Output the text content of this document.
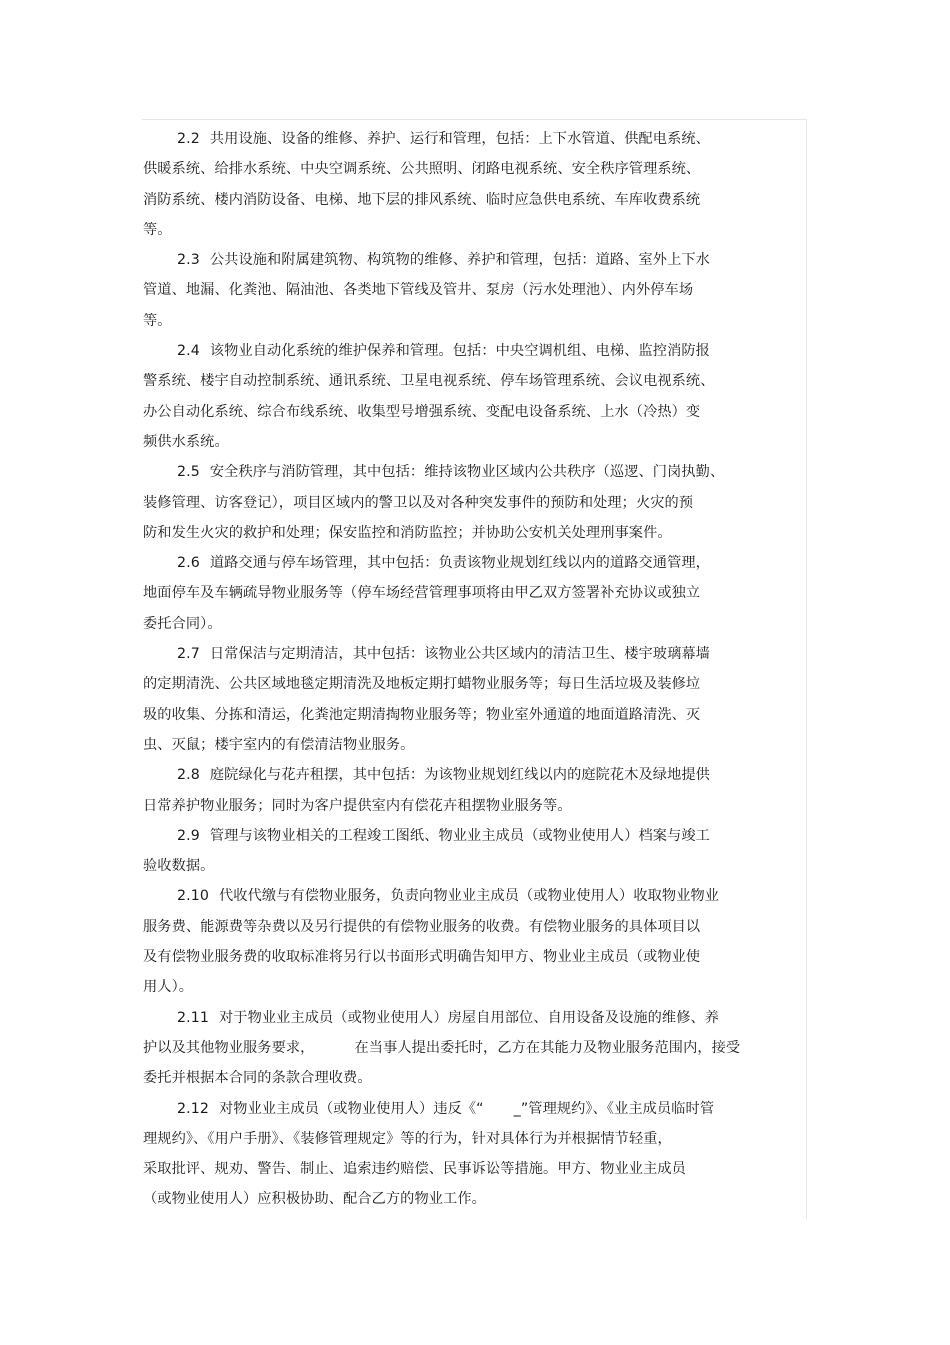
2.2 共用设施、设备的维修、养护、运行和管理，包括：上下水管道、供配电系统、
供暖系统、给排水系统、中央空调系统、公共照明、闭路电视系统、安全秩序管理系统、
消防系统、楼内消防设备、电梯、地下层的排风系统、临时应急供电系统、车库收费系统
等。
2.3 公共设施和附属建筑物、构筑物的维修、养护和管理，包括：道路、室外上下水
管道、地漏、化粪池、隔油池、各类地下管线及管井、泵房（污水处理池）、内外停车场
等。
2.4 该物业自动化系统的维护保养和管理。包括：中央空调机组、电梯、监控消防报
警系统、楼宇自动控制系统、通讯系统、卫星电视系统、停车场管理系统、会议电视系统、
办公自动化系统、综合布线系统、收集型号增强系统、变配电设备系统、上水（冷热）变
频供水系统。
2.5 安全秩序与消防管理，其中包括：维持该物业区域内公共秩序（巡逻、门岗执勤、
装修管理、访客登记），项目区域内的警卫以及对各种突发事件的预防和处理；火灾的预
防和发生火灾的救护和处理；保安监控和消防监控；并协助公安机关处理刑事案件。
2.6 道路交通与停车场管理，其中包括：负责该物业规划红线以内的道路交通管理，
地面停车及车辆疏导物业服务等（停车场经营管理事项将由甲乙双方签署补充协议或独立
委托合同）。
2.7 日常保洁与定期清洁，其中包括：该物业公共区域内的清洁卫生、楼宇玻璃幕墙
的定期清洗、公共区域地毯定期清洗及地板定期打蜡物业服务等；每日生活垃圾及装修垃
圾的收集、分拣和清运，化粪池定期清掏物业服务等；物业室外通道的地面道路清洗、灭
虫、灭鼠；楼宇室内的有偿清洁物业服务。
2.8 庭院绿化与花卉租摆，其中包括：为该物业规划红线以内的庭院花木及绿地提供
日常养护物业服务；同时为客户提供室内有偿花卉租摆物业服务等。
2.9 管理与该物业相关的工程竣工图纸、物业业主成员（或物业使用人）档案与竣工
验收数据。
2.10 代收代缴与有偿物业服务，负责向物业业主成员（或物业使用人）收取物业物业
服务费、能源费等杂费以及另行提供的有偿物业服务的收费。有偿物业服务的具体项目以
及有偿物业服务费的收取标准将另行以书面形式明确告知甲方、物业业主成员（或物业使
用人）。
2.11 对于物业业主成员（或物业使用人）房屋自用部位、自用设备及设施的维修、养
护以及其他物业服务要求，	在当事人提出委托时，乙方在其能力及物业服务范围内，接受
委托并根据本合同的条款合理收费。
2.12 对物业业主成员（或物业使用人）违反《“ _”管理规约》、《业主成员临时管
理规约》、《用户手册》、《装修管理规定》等的行为，针对具体行为并根据情节轻重，
采取批评、规劝、警告、制止、追索违约赔偿、民事诉讼等措施。甲方、物业业主成员
（或物业使用人）应积极协助、配合乙方的物业工作。
